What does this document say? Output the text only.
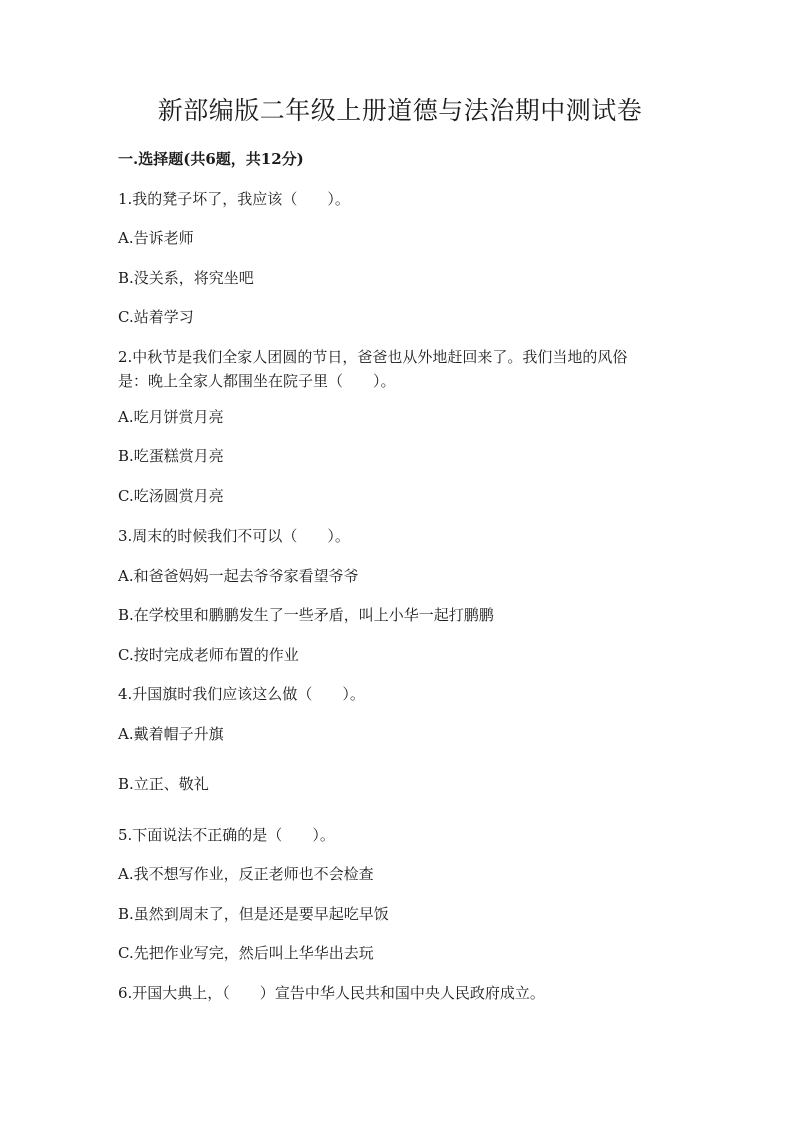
新部编版二年级上册道德与法治期中测试卷
一.选择题(共6题，共12分)
1.我的凳子坏了，我应该（　　）。
A.告诉老师
B.没关系，将究坐吧
C.站着学习
2.中秋节是我们全家人团圆的节日，爸爸也从外地赶回来了。我们当地的风俗
是：晚上全家人都围坐在院子里（　　）。
A.吃月饼赏月亮
B.吃蛋糕赏月亮
C.吃汤圆赏月亮
3.周末的时候我们不可以（　　）。
A.和爸爸妈妈一起去爷爷家看望爷爷
B.在学校里和鹏鹏发生了一些矛盾，叫上小华一起打鹏鹏
C.按时完成老师布置的作业
4.升国旗时我们应该这么做（　　）。
A.戴着帽子升旗
B.立正、敬礼
5.下面说法不正确的是（　　）。
A.我不想写作业，反正老师也不会检查
B.虽然到周末了，但是还是要早起吃早饭
C.先把作业写完，然后叫上华华出去玩
6.开国大典上，（　　）宣告中华人民共和国中央人民政府成立。
